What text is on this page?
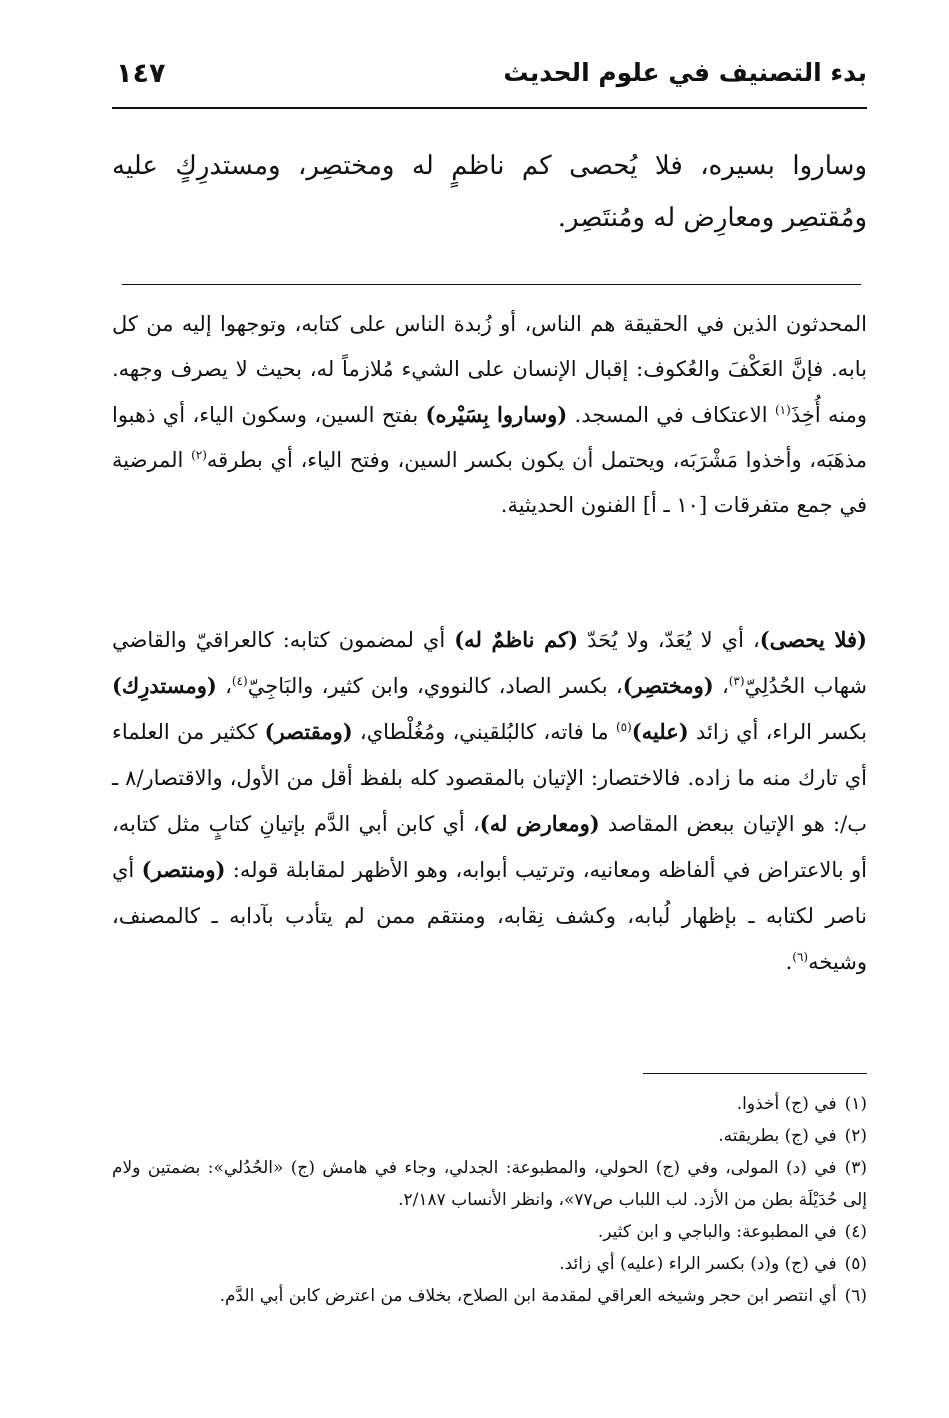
بدء التصنيف في علوم الحديث
١٤٧

وساروا بسيره، فلا يُحصى كم ناظمٍ له ومختصِر، ومستدرِكٍ عليه ومُقتصِر ومعارِض له ومُنتَصِر.

المحدثون الذين في الحقيقة هم الناس، أو زُبدة الناس على كتابه، وتوجهوا إليه من كل بابه. فإنَّ العَكْفَ والعُكوف: إقبال الإنسان على الشيء مُلازماً له، بحيث لا يصرف وجهه. ومنه أُخِذَ$^{(١)}$ الاعتكاف في المسجد. (وساروا بِسَيْره) بفتح السين، وسكون الياء، أي ذهبوا مذهَبَه، وأخذوا مَشْرَبَه، ويحتمل أن يكون بكسر السين، وفتح الياء، أي بطرقه$^{(٢)}$ المرضية في جمع متفرقات [١٠ ـ أ] الفنون الحديثية.

(فلا يحصى)، أي لا يُعَدّ، ولا يُحَدّ (كم ناظمٌ له) أي لمضمون كتابه: كالعراقيّ والقاضي شهاب الحُدُلِيّ$^{(٣)}$، (ومختصِر)، بكسر الصاد، كالنووي، وابن كثير، والبَاجِيّ$^{(٤)}$، (ومستدرِك) بكسر الراء، أي زائد (عليه)$^{(٥)}$ ما فاته، كالبُلقيني، ومُغُلْطاي، (ومقتصر) ككثير من العلماء أي تارك منه ما زاده. فالاختصار: الإتيان بالمقصود كله بلفظ أقل من الأول، والاقتصار/٨ ـ ب/: هو الإتيان ببعض المقاصد (ومعارض له)، أي كابن أبي الدَّم بإتيانِ كتابٍ مثل كتابه، أو بالاعتراض في ألفاظه ومعانيه، وترتيب أبوابه، وهو الأظهر لمقابلة قوله: (ومنتصر) أي ناصر لكتابه ـ بإظهار لُبابه، وكشف نِقابه، ومنتقم ممن لم يتأدب بآدابه ـ كالمصنف، وشيخه$^{(٦)}$.

(١)في (ج) أخذوا.

(٢)في (ج) بطريقته.

(٣)في (د) المولى، وفي (ج) الحولي، والمطبوعة: الجدلي، وجاء في هامش (ج) «الحُدُلي»: بضمتين ولام إلى حُدَيْلَة بطن من الأزد. لب اللباب ص٧٧»، وانظر الأنساب ٢/١٨٧.

(٤)في المطبوعة: والباجي و ابن كثير.

(٥)في (ج) و(د) بكسر الراء (عليه) أي زائد.

(٦)أي انتصر ابن حجر وشيخه العراقي لمقدمة ابن الصلاح، بخلاف من اعترض كابن أبي الدَّم.
